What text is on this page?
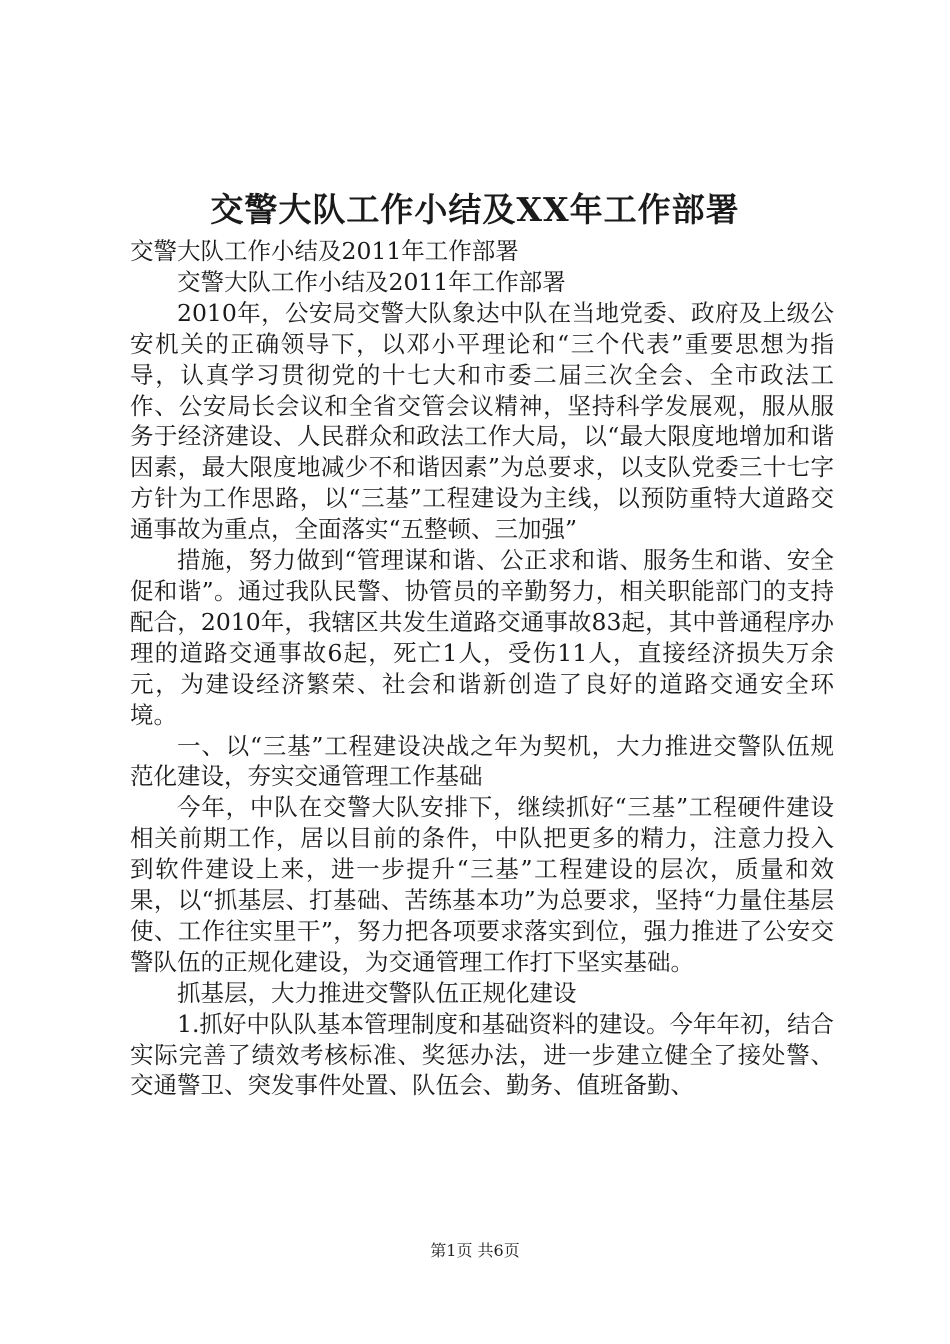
交警大队工作小结及XX年工作部署

交警大队工作小结及2011年工作部署

交警大队工作小结及2011年工作部署

2010年，公安局交警大队象达中队在当地党委、政府及上级公安机关的正确领导下，以邓小平理论和“三个代表”重要思想为指导，认真学习贯彻党的十七大和市委二届三次全会、全市政法工作、公安局长会议和全省交管会议精神，坚持科学发展观，服从服务于经济建设、人民群众和政法工作大局，以“最大限度地增加和谐因素，最大限度地减少不和谐因素”为总要求，以支队党委三十七字方针为工作思路，以“三基”工程建设为主线，以预防重特大道路交通事故为重点，全面落实“五整顿、三加强”

措施，努力做到“管理谋和谐、公正求和谐、服务生和谐、安全促和谐”。通过我队民警、协管员的辛勤努力，相关职能部门的支持配合，2010年，我辖区共发生道路交通事故83起，其中普通程序办理的道路交通事故6起，死亡1人，受伤11人，直接经济损失万余元，为建设经济繁荣、社会和谐新创造了良好的道路交通安全环境。

一、以“三基”工程建设决战之年为契机，大力推进交警队伍规范化建设，夯实交通管理工作基础

今年，中队在交警大队安排下，继续抓好“三基”工程硬件建设相关前期工作，居以目前的条件，中队把更多的精力，注意力投入到软件建设上来，进一步提升“三基”工程建设的层次，质量和效果，以“抓基层、打基础、苦练基本功”为总要求，坚持“力量住基层使、工作往实里干”，努力把各项要求落实到位，强力推进了公安交警队伍的正规化建设，为交通管理工作打下坚实基础。

抓基层，大力推进交警队伍正规化建设

1.抓好中队队基本管理制度和基础资料的建设。今年年初，结合实际完善了绩效考核标准、奖惩办法，进一步建立健全了接处警、交通警卫、突发事件处置、队伍会、勤务、值班备勤、

第1页 共6页
